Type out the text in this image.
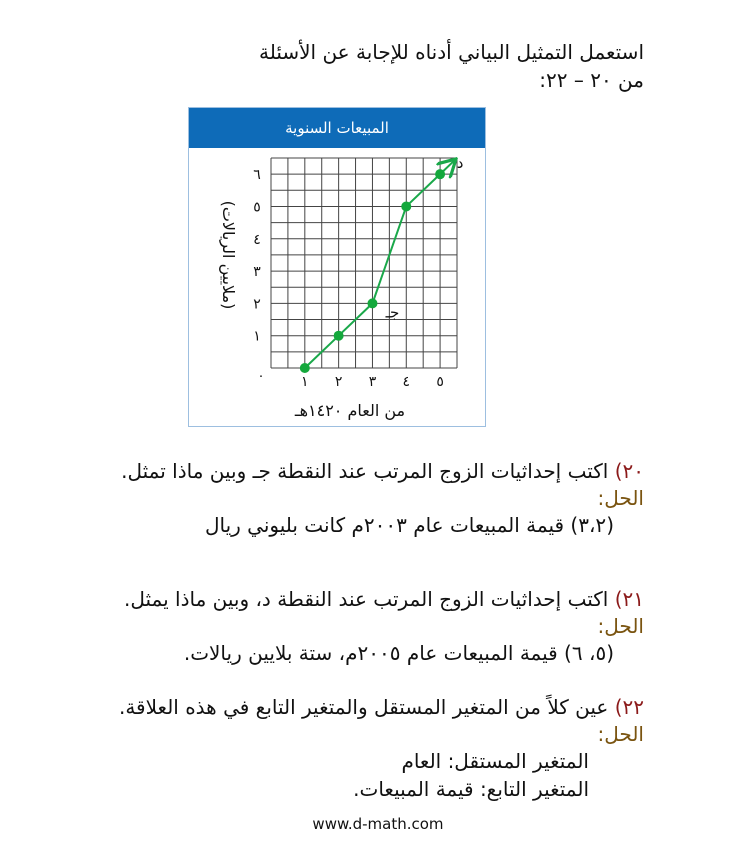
استعمل التمثيل البياني أدناه للإجابة عن الأسئلة
من ٢٠ – ٢٢:
المبيعات السنوية
١ ٢ ٣ ٤ ٥
١
٢
٣
٤
٥
٦
٠
من العام ١٤٢٠هـ
(ملايين الريالات)
جـ
د
٢٠) اكتب إحداثيات الزوج المرتب عند النقطة جـ وبين ماذا تمثل.
الحل:
(٣،٢) قيمة المبيعات عام ٢٠٠٣م كانت بليوني ريال
٢١) اكتب إحداثيات الزوج المرتب عند النقطة د، وبين ماذا يمثل.
الحل:
(٥، ٦) قيمة المبيعات عام ٢٠٠٥م، ستة بلايين ريالات.
٢٢) عين كلاً من المتغير المستقل والمتغير التابع في هذه العلاقة.
الحل:
المتغير المستقل: العام
المتغير التابع: قيمة المبيعات.
www.d-math.com
